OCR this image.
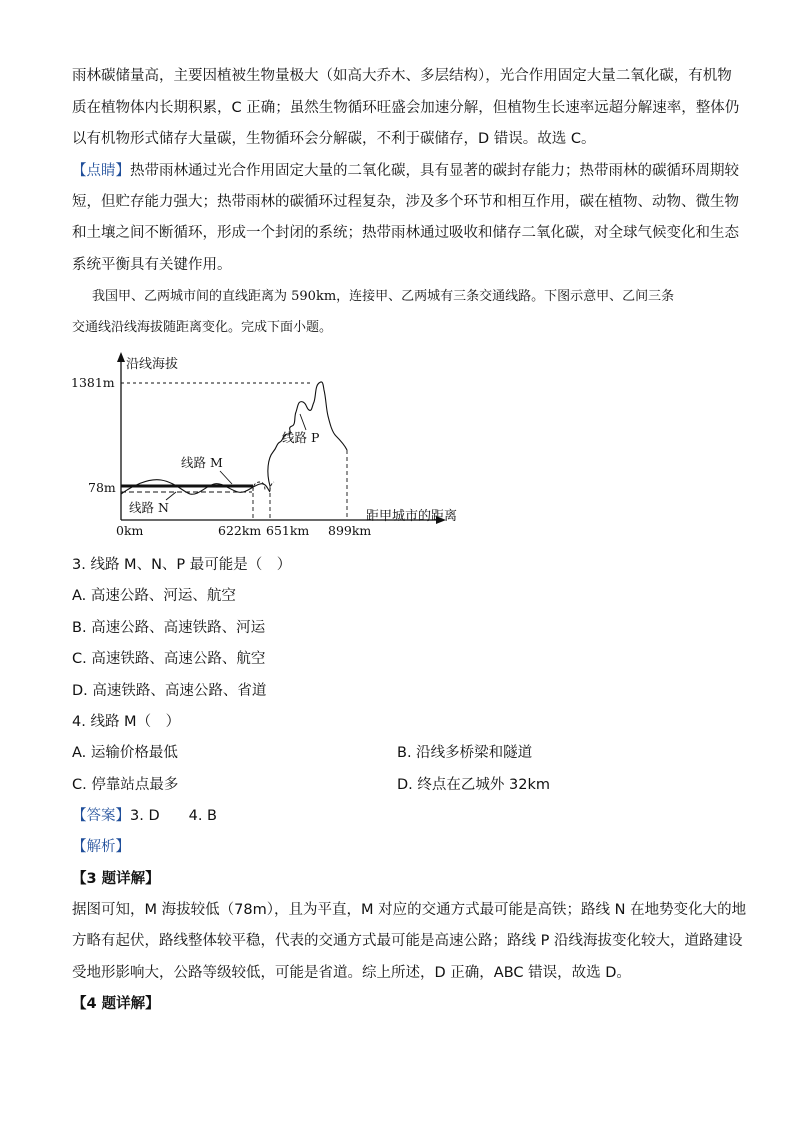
雨林碳储量高，主要因植被生物量极大（如高大乔木、多层结构），光合作用固定大量二氧化碳，有机物
质在植物体内长期积累，C 正确；虽然生物循环旺盛会加速分解，但植物生长速率远超分解速率，整体仍
以有机物形式储存大量碳，生物循环会分解碳，不利于碳储存，D 错误。故选 C。
【点睛】热带雨林通过光合作用固定大量的二氧化碳，具有显著的碳封存能力；热带雨林的碳循环周期较
短，但贮存能力强大；热带雨林的碳循环过程复杂，涉及多个环节和相互作用，碳在植物、动物、微生物
和土壤之间不断循环，形成一个封闭的系统；热带雨林通过吸收和储存二氧化碳，对全球气候变化和生态
系统平衡具有关键作用。
我国甲、乙两城市间的直线距离为 590km，连接甲、乙两城有三条交通线路。下图示意甲、乙间三条
交通线沿线海拔随距离变化。完成下面小题。
沿线海拔
距甲城市的距离
1381m
78m
0km	622km 651km 899km
线路 M
线路 N
线路 P
3. 线路 M、N、P 最可能是（　）
A. 高速公路、河运、航空
B. 高速公路、高速铁路、河运
C. 高速铁路、高速公路、航空
D. 高速铁路、高速公路、省道
4. 线路 M（　）
A. 运输价格最低	B. 沿线多桥梁和隧道
C. 停靠站点最多	D. 终点在乙城外 32km
【答案】3. D　　4. B
【解析】
【3 题详解】
据图可知，M 海拔较低（78m），且为平直，M 对应的交通方式最可能是高铁；路线 N 在地势变化大的地
方略有起伏，路线整体较平稳，代表的交通方式最可能是高速公路；路线 P 沿线海拔变化较大，道路建设
受地形影响大，公路等级较低，可能是省道。综上所述，D 正确，ABC 错误，故选 D。
【4 题详解】
